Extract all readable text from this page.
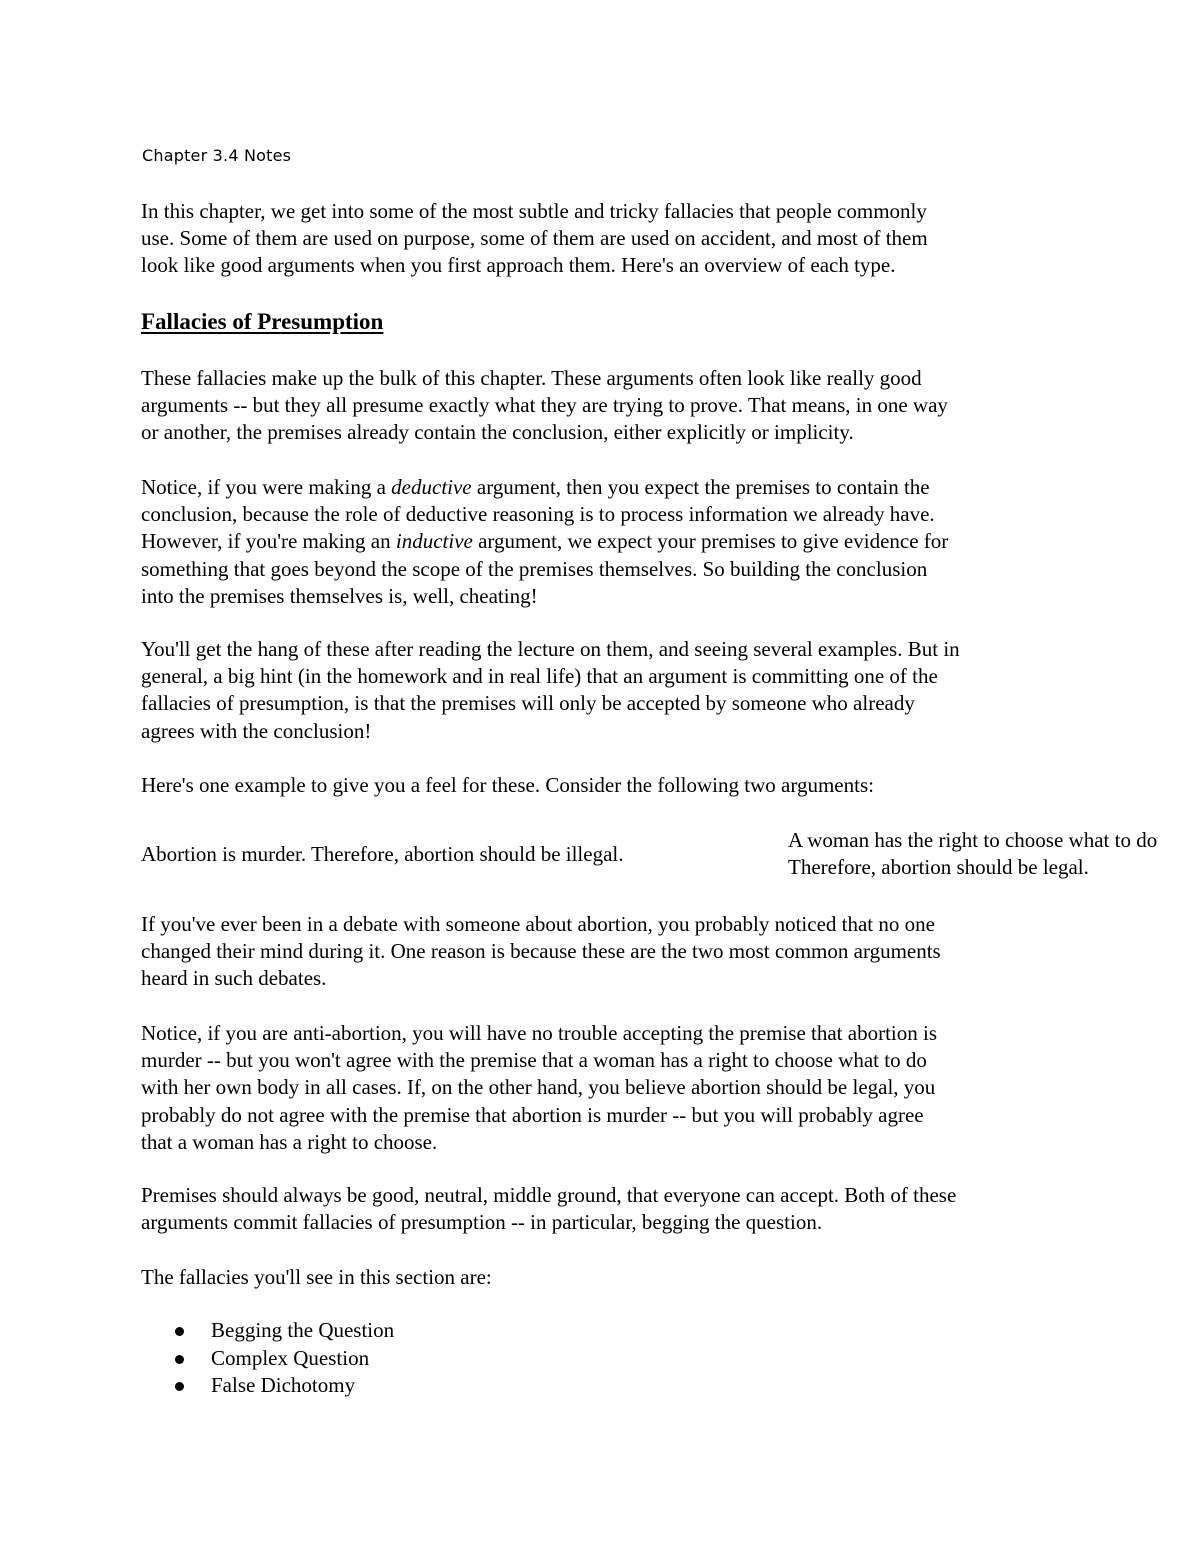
Chapter 3.4 Notes

In this chapter, we get into some of the most subtle and tricky fallacies that people commonly
use. Some of them are used on purpose, some of them are used on accident, and most of them
look like good arguments when you first approach them. Here's an overview of each type.

Fallacies of Presumption

These fallacies make up the bulk of this chapter. These arguments often look like really good
arguments -- but they all presume exactly what they are trying to prove. That means, in one way
or another, the premises already contain the conclusion, either explicitly or implicity.

Notice, if you were making a deductive argument, then you expect the premises to contain the
conclusion, because the role of deductive reasoning is to process information we already have.
However, if you're making an inductive argument, we expect your premises to give evidence for
something that goes beyond the scope of the premises themselves. So building the conclusion
into the premises themselves is, well, cheating!

You'll get the hang of these after reading the lecture on them, and seeing several examples. But in
general, a big hint (in the homework and in real life) that an argument is committing one of the
fallacies of presumption, is that the premises will only be accepted by someone who already
agrees with the conclusion!

Here's one example to give you a feel for these. Consider the following two arguments:

Abortion is murder. Therefore, abortion should be illegal.

A woman has the right to choose what to do
Therefore, abortion should be legal.

If you've ever been in a debate with someone about abortion, you probably noticed that no one
changed their mind during it. One reason is because these are the two most common arguments
heard in such debates.

Notice, if you are anti-abortion, you will have no trouble accepting the premise that abortion is
murder -- but you won't agree with the premise that a woman has a right to choose what to do
with her own body in all cases. If, on the other hand, you believe abortion should be legal, you
probably do not agree with the premise that abortion is murder -- but you will probably agree
that a woman has a right to choose.

Premises should always be good, neutral, middle ground, that everyone can accept. Both of these
arguments commit fallacies of presumption -- in particular, begging the question.

The fallacies you'll see in this section are:

Begging the Question
Complex Question
False Dichotomy
